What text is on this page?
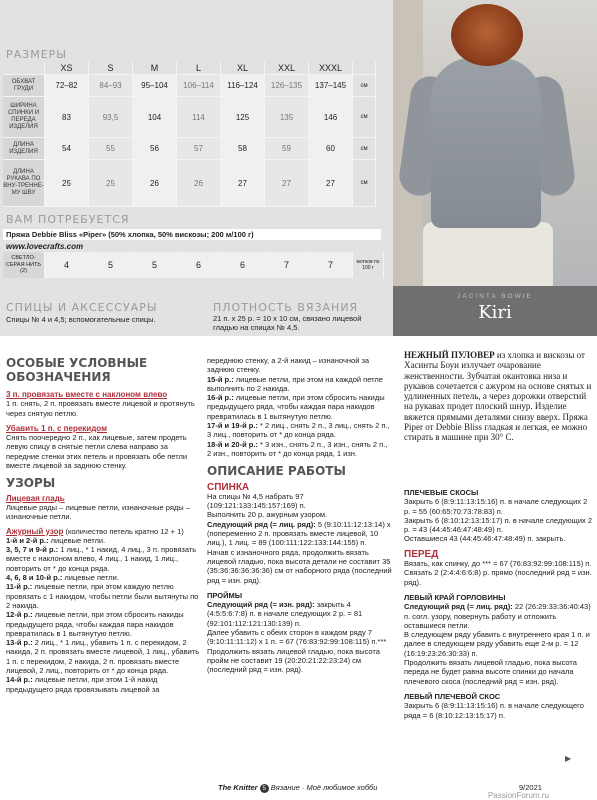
РАЗМЕРЫ
	XS	S	M	L	XL	XXL	XXXL	
ОБХВАТ ГРУДИ	72–82	84–93	95–104	106–114	116–124	126–135	137–145	см
ШИРИНА СПИНКИ И ПЕРЕДА ИЗДЕЛИЯ	83	93,5	104	114	125	135	146	см
ДЛИНА ИЗДЕЛИЯ	54	55	56	57	58	59	60	см
ДЛИНА РУКАВА ПО ВНУ-ТРЕННЕ-МУ ШВУ	25	25	26	26	27	27	27	см
ВАМ ПОТРЕБУЕТСЯ
Пряжа Debbie Bliss «Piper» (50% хлопка, 50% вискозы; 200 м/100 г)
www.lovecrafts.com
СВЕТЛО-СЕРАЯ НИТЬ (2)	4	5	5	6	6	7	7	мотков по 100 г
СПИЦЫ И АКСЕССУАРЫ
Спицы № 4 и 4,5; вспомогательные спицы.
ПЛОТНОСТЬ ВЯЗАНИЯ
21 п. х 25 р. = 10 х 10 см, связано лицевой гладью на спицах № 4,5.
JACINTA BOWIE
Kiri
НЕЖНЫЙ ПУЛОВЕР из хлопка и вискозы от Хасинты Боуи излучает очарование женственности. Зубчатая окантовка низа и рукавов сочетается с ажуром на основе снятых и удлиненных петель, а через дорожки отверстий на рукавах продет плоский шнур. Изделие вяжется прямыми деталями снизу вверх. Пряжа Piper от Debbie Bliss гладкая и легкая, ее можно стирать в машине при 30° С.
ОСОБЫЕ УСЛОВНЫЕ ОБОЗНАЧЕНИЯ

3 п. провязать вместе с наклоном влево

1 п. снять, 2 п. провязать вместе лицевой и протянуть через снятую петлю.

Убавить 1 п. с перекидом

Снять поочередно 2 п., как лицевые, затем продеть левую спицу в снятые петли слева направо за передние стенки этих петель и провязать обе петли вместе лицевой за заднюю стенку.

УЗОРЫ

Лицевая гладь

Лицевые ряды – лицевые петли, изнаночные ряды – изнаночные петли.

Ажурный узор (количество петель кратно 12 + 1)

1-й и 2-й р.: лицевые петли.

3, 5, 7 и 9-й р.: 1 лиц., * 1 накид, 4 лиц., 3 п. провязать вместе с наклоном влево, 4 лиц., 1 накид, 1 лиц., повторить от * до конца ряда.

4, 6, 8 и 10-й р.: лицевые петли.

11-й р.: лицевые петли, при этом каждую петлю провязать с 1 накидом, чтобы петли были вытянуты по 2 накида.

12-й р.: лицевые петли, при этом сбросить накиды предыдущего ряда, чтобы каждая пара накидов превратилась в 1 вытянутую петлю.

13-й р.: 2 лиц., * 1 лиц., убавить 1 п. с перекидом, 2 накида, 2 п. провязать вместе лицевой, 1 лиц., убавить 1 п. с перекидом, 2 накида, 2 п. провязать вместе лицевой, 2 лиц., повторить от * до конца ряда.

14-й р.: лицевые петли, при этом 1-й накид предыдущего ряда провязывать лицевой за

переднюю стенку, а 2-й накид – изнаночной за заднюю стенку.

15-й р.: лицевые петли, при этом на каждой петле выполнить по 2 накида.

16-й р.: лицевые петли, при этом сбросить накиды предыдущего ряда, чтобы каждая пара накидов превратилась в 1 вытянутую петлю.

17-й и 19-й р.: * 2 лиц., снять 2 п., 3 лиц., снять 2 п., 3 лиц., повторить от * до конца ряда.

18-й и 20-й р.: * 3 изн., снять 2 п., 3 изн., снять 2 п., 2 изн., повторить от * до конца ряда, 1 изн.

ОПИСАНИЕ РАБОТЫ

СПИНКА

На спицы № 4,5 набрать 97 (109:121:133:145:157:169) п.

Выполнить 20 р. ажурным узором.

Следующий ряд (= лиц. ряд): 5 (9:10:11:12:13:14) х (попеременно 2 п. провязать вместе лицевой, 10 лиц.), 1 лиц. = 89 (100:111:122:133:144:155) п.

Начав с изнаночного ряда, продолжить вязать лицевой гладью, пока высота детали не составит 35 (35:36:36:36:36:36) см от наборного ряда (последний ряд = изн. ряд).

ПРОЙМЫ

Следующий ряд (= изн. ряд): закрыть 4 (4:5:5:6:7:8) п. в начале следующих 2 р. = 81 (92:101:112:121:130:139) п.

Далее убавить с обеих сторон в каждом ряду 7 (9:10:11:11:12) х 1 п. = 67 (76:83:92:99:108:115) п.***

Продолжить вязать лицевой гладью, пока высота пройм не составит 19 (20:20:21:22:23:24) см (последний ряд = изн. ряд).

ПЛЕЧЕВЫЕ СКОСЫ

Закрыть 6 (8:9:11:13:15:16) п. в начале следующих 2 р. = 55 (60:65:70:73:78:83) п.

Закрыть 6 (8:10:12:13:15:17) п. в начале следующих 2 р. = 43 (44:45:46:47:48:49) п.

Оставшиеся 43 (44:45:46:47:48:49) п. закрыть.

ПЕРЕД

Вязать, как спинку, до *** = 67 (76:83:92:99:108:115) п.

Связать 2 (2:4:4:6:6:8) р. прямо (последний ряд = изн. ряд).

ЛЕВЫЙ КРАЙ ГОРЛОВИНЫ

Следующий ряд (= лиц. ряд): 22 (26:29:33:36:40:43) п. согл. узору, повернуть работу и отложить оставшиеся петли.

В следующем ряду убавить с внутреннего края 1 п. и далее в следующем ряду убавить еще 2-м р. = 12 (16:19:23:26:30:33) п.

Продолжить вязать лицевой гладью, пока высота переда не будет равна высоте спинки до начала плечевого скоса (последний ряд = изн. ряд).

ЛЕВЫЙ ПЛЕЧЕВОЙ СКОС

Закрыть 6 (8:9:11:13:15:16) п. в начале следующего ряда = 6 (8:10:12:13:15:17) п.

▶
The Knitter 5 Вязание · Моё любимое хобби	9/2021
PassionForum.ru
